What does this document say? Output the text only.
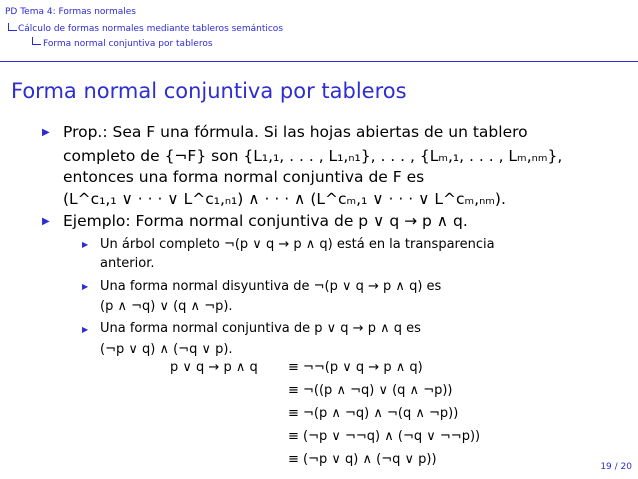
PD Tema 4: Formas normales
Cálculo de formas normales mediante tableros semánticos
Forma normal conjuntiva por tableros
Forma normal conjuntiva por tableros
▶ Prop.: Sea F una fórmula. Si las hojas abiertas de un tablero
completo de {¬F} son {L₁,₁, . . . , L₁,ₙ₁}, . . . , {Lₘ,₁, . . . , Lₘ,ₙₘ},
entonces una forma normal conjuntiva de F es
(L^c₁,₁ ∨ · · · ∨ L^c₁,ₙ₁) ∧ · · · ∧ (L^cₘ,₁ ∨ · · · ∨ L^cₘ,ₙₘ).
▶ Ejemplo: Forma normal conjuntiva de p ∨ q → p ∧ q.
▶ Un árbol completo ¬(p ∨ q → p ∧ q) está en la transparencia
anterior.
▶ Una forma normal disyuntiva de ¬(p ∨ q → p ∧ q) es
(p ∧ ¬q) ∨ (q ∧ ¬p).
▶ Una forma normal conjuntiva de p ∨ q → p ∧ q es
(¬p ∨ q) ∧ (¬q ∨ p).
p ∨ q → p ∧ q ≡ ¬¬(p ∨ q → p ∧ q)
≡ ¬((p ∧ ¬q) ∨ (q ∧ ¬p))
≡ ¬(p ∧ ¬q) ∧ ¬(q ∧ ¬p))
≡ (¬p ∨ ¬¬q) ∧ (¬q ∨ ¬¬p))
≡ (¬p ∨ q) ∧ (¬q ∨ p))	19 / 20
